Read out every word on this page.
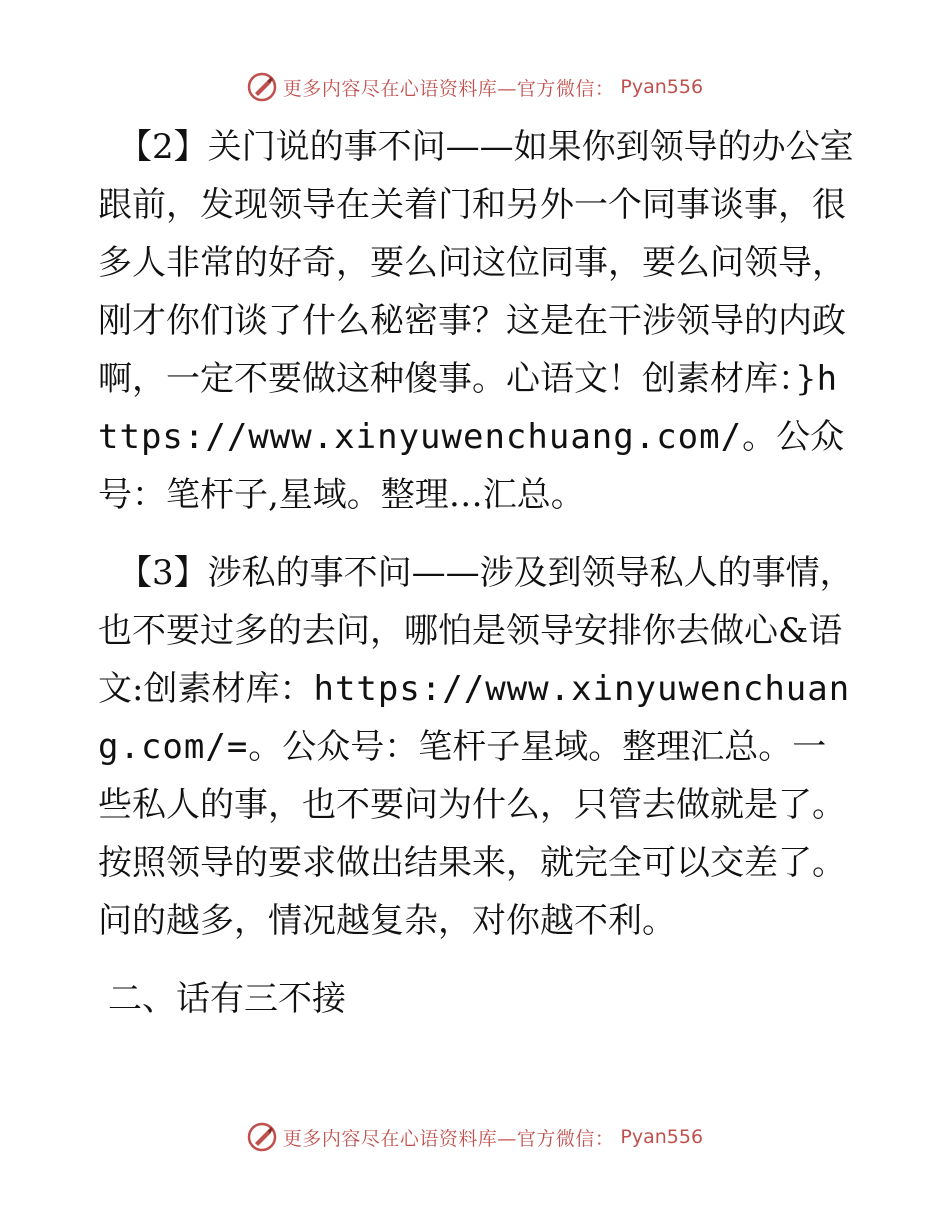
更多内容尽在心语资料库—官方微信： Pyan556

【2】关门说的事不问——如果你到领导的办公室跟前，发现领导在关着门和另外一个同事谈事，很多人非常的好奇，要么问这位同事，要么问领导，刚才你们谈了什么秘密事？这是在干涉领导的内政啊，一定不要做这种傻事。心语文！创素材库：}https://www.xinyuwenchuang.com/。公众号：笔杆子,星域。整理…汇总。

【3】涉私的事不问——涉及到领导私人的事情，也不要过多的去问，哪怕是领导安排你去做心&语文:创素材库：https://www.xinyuwenchuang.com/=。公众号：笔杆子星域。整理汇总。一些私人的事，也不要问为什么，只管去做就是了。按照领导的要求做出结果来，就完全可以交差了。问的越多，情况越复杂，对你越不利。

二、话有三不接

更多内容尽在心语资料库—官方微信： Pyan556
